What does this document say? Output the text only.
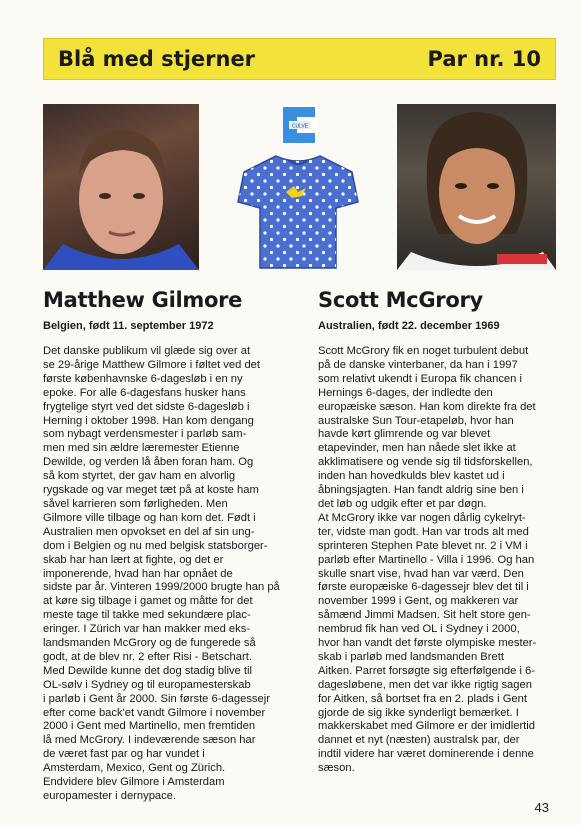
Blå med stjerner	Par nr. 10
CULVE
Matthew Gilmore
Belgien, født 11. september 1972
Det danske publikum vil glæde sig over at
se 29-årige Matthew Gilmore i føltet ved det
første københavnske 6-dagesløb i en ny
epoke. For alle 6-dagesfans husker hans
frygtelige styrt ved det sidste 6-dagesløb i
Herning i oktober 1998. Han kom dengang
som nybagt verdensmester i parløb sam-
men med sin ældre læremester Etienne
Dewilde, og verden lå åben foran ham. Og
så kom styrtet, der gav ham en alvorlig
rygskade og var meget tæt på at koste ham
såvel karrieren som førligheden. Men
Gilmore ville tilbage og han kom det. Født i
Australien men opvokset en del af sin ung-
dom i Belgien og nu med belgisk statsborger-
skab har han lært at fighte, og det er
imponerende, hvad han har opnået de
sidste par år. Vinteren 1999/2000 brugte han på
at køre sig tilbage i gamet og måtte for det
meste tage til takke med sekundære plac-
eringer. I Zürich var han makker med eks-
landsmanden McGrory og de fungerede så
godt, at de blev nr. 2 efter Risi - Betschart.
Med Dewilde kunne det dog stadig blive til
OL-sølv i Sydney og til europamesterskab
i parløb i Gent år 2000. Sin første 6-dagessejr
efter come back'et vandt Gilmore i november
2000 i Gent med Martinello, men fremtiden
lå med McGrory. I indeværende sæson har
de været fast par og har vundet i
Amsterdam, Mexico, Gent og Zürich.
Endvidere blev Gilmore i Amsterdam
europamester i dernypace.
Scott McGrory
Australien, født 22. december 1969
Scott McGrory fik en noget turbulent debut
på de danske vinterbaner, da han i 1997
som relativt ukendt i Europa fik chancen i
Hernings 6-dages, der indledte den
europæiske sæson. Han kom direkte fra det
australske Sun Tour-etapeløb, hvor han
havde kørt glimrende og var blevet
etapevinder, men han nåede slet ikke at
akklimatisere og vende sig til tidsforskellen,
inden han hovedkulds blev kastet ud i
åbningsjagten. Han fandt aldrig sine ben i
det løb og udgik efter et par døgn.
At McGrory ikke var nogen dårlig cykelryt-
ter, vidste man godt. Han var trods alt med
sprinteren Stephen Pate blevet nr. 2 i VM i
parløb efter Martinello - Villa i 1996. Og han
skulle snart vise, hvad han var værd. Den
første europæiske 6-dagessejr blev det til i
november 1999 i Gent, og makkeren var
såmænd Jimmi Madsen. Sit helt store gen-
nembrud fik han ved OL i Sydney i 2000,
hvor han vandt det første olympiske mester-
skab i parløb med landsmanden Brett
Aitken. Parret forsøgte sig efterfølgende i 6-
dagesløbene, men det var ikke rigtig sagen
for Aitken, så bortset fra en 2. plads i Gent
gjorde de sig ikke synderligt bemærket. I
makkerskabet med Gilmore er der imidlertid
dannet et nyt (næsten) australsk par, der
indtil videre har været dominerende i denne
sæson.
43
